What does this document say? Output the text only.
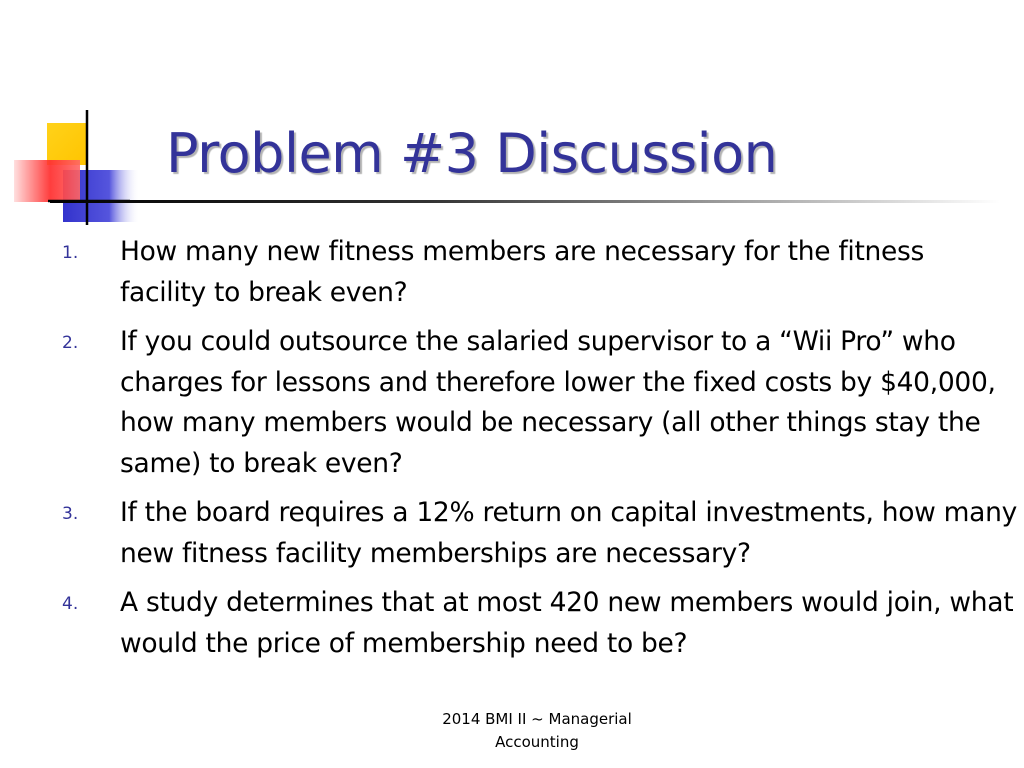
Problem #3 Discussion
1.	How many new fitness members are necessary for the fitness facility to break even?
2.	If you could outsource the salaried supervisor to a “Wii Pro” who charges for lessons and therefore lower the fixed costs by $40,000, how many members would be necessary (all other things stay the same) to break even?
3.	If the board requires a 12% return on capital investments, how many new fitness facility memberships are necessary?
4.	A study determines that at most 420 new members would join, what would the price of membership need to be?
2014 BMI II ~ Managerial
Accounting
